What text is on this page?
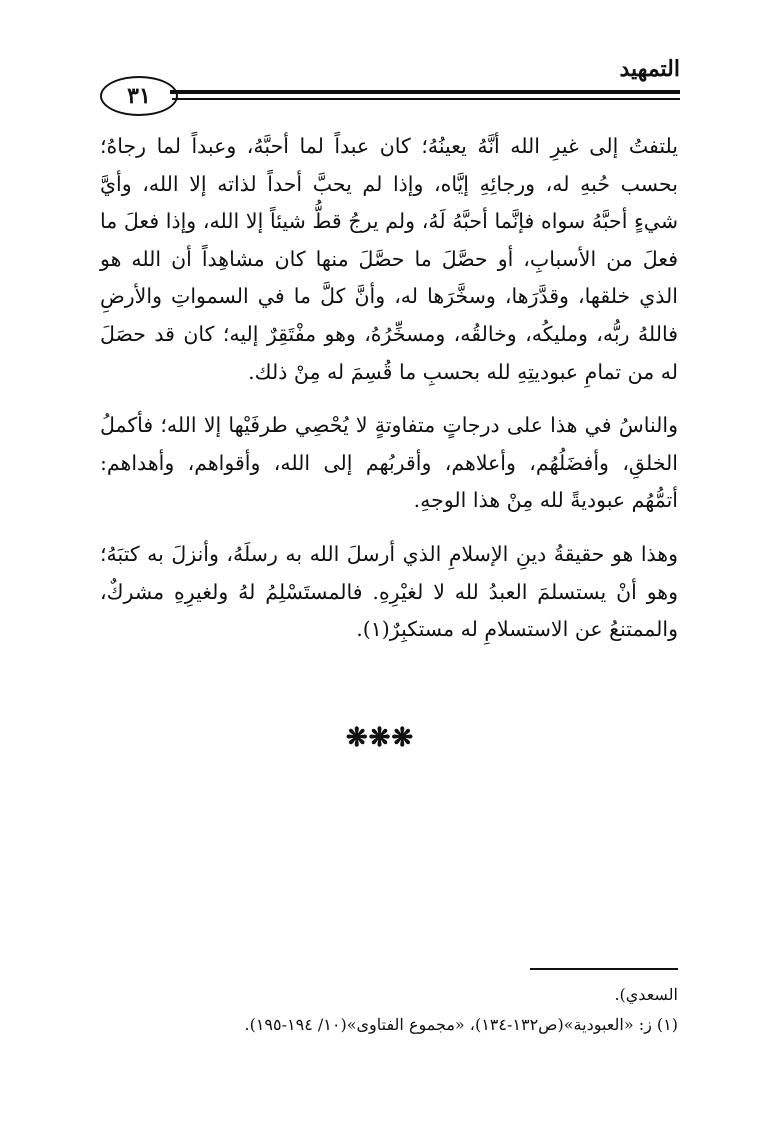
٣١
التمهيد

يلتفتُ إلى غيرِ الله أنَّهُ يعينُهُ؛ كان عبداً لما أحبَّهُ، وعبداً لما رجاهُ؛ بحسب حُبهِ له، ورجائِهِ إيَّاه، وإذا لم يحبَّ أحداً لذاته إلا الله، وأيَّ شيءٍ أحبَّهُ سواه فإنَّما أحبَّهُ لَهُ، ولم يرجُ قطُّ شيئاً إلا الله، وإذا فعلَ ما فعلَ من الأسبابِ، أو حصَّلَ ما حصَّلَ منها كان مشاهِداً أن الله هو الذي خلقها، وقدَّرَها، وسخَّرَها له، وأنَّ كلَّ ما في السمواتِ والأرضِ فاللهُ ربُّه، ومليكُه، وخالقُه، ومسخِّرُهُ، وهو مفْتَقِرٌ إليه؛ كان قد حصَلَ له من تمامِ عبوديتِهِ لله بحسبِ ما قُسِمَ له مِنْ ذلك.

والناسُ في هذا على درجاتٍ متفاوتةٍ لا يُحْصِي طرفَيْها إلا الله؛ فأكملُ الخلقِ، وأفضَلُهُم، وأعلاهم، وأقربُهم إلى الله، وأقواهم، وأهداهم: أتمُّهُم عبوديةً لله مِنْ هذا الوجهِ.

وهذا هو حقيقةُ دينِ الإسلامِ الذي أرسلَ الله به رسلَهُ، وأنزلَ به كتبَهُ؛ وهو أنْ يستسلمَ العبدُ لله لا لغيْرِهِ. فالمستَسْلِمُ لهُ ولغيرِهِ مشركٌ، والممتنعُ عن الاستسلامِ له مستكبِرٌ(١).

❋❋❋

السعدي).

(١) ز: «العبودية»(ص١٣٢-١٣٤)، «مجموع الفتاوى»(١٠/ ١٩٤-١٩٥).
